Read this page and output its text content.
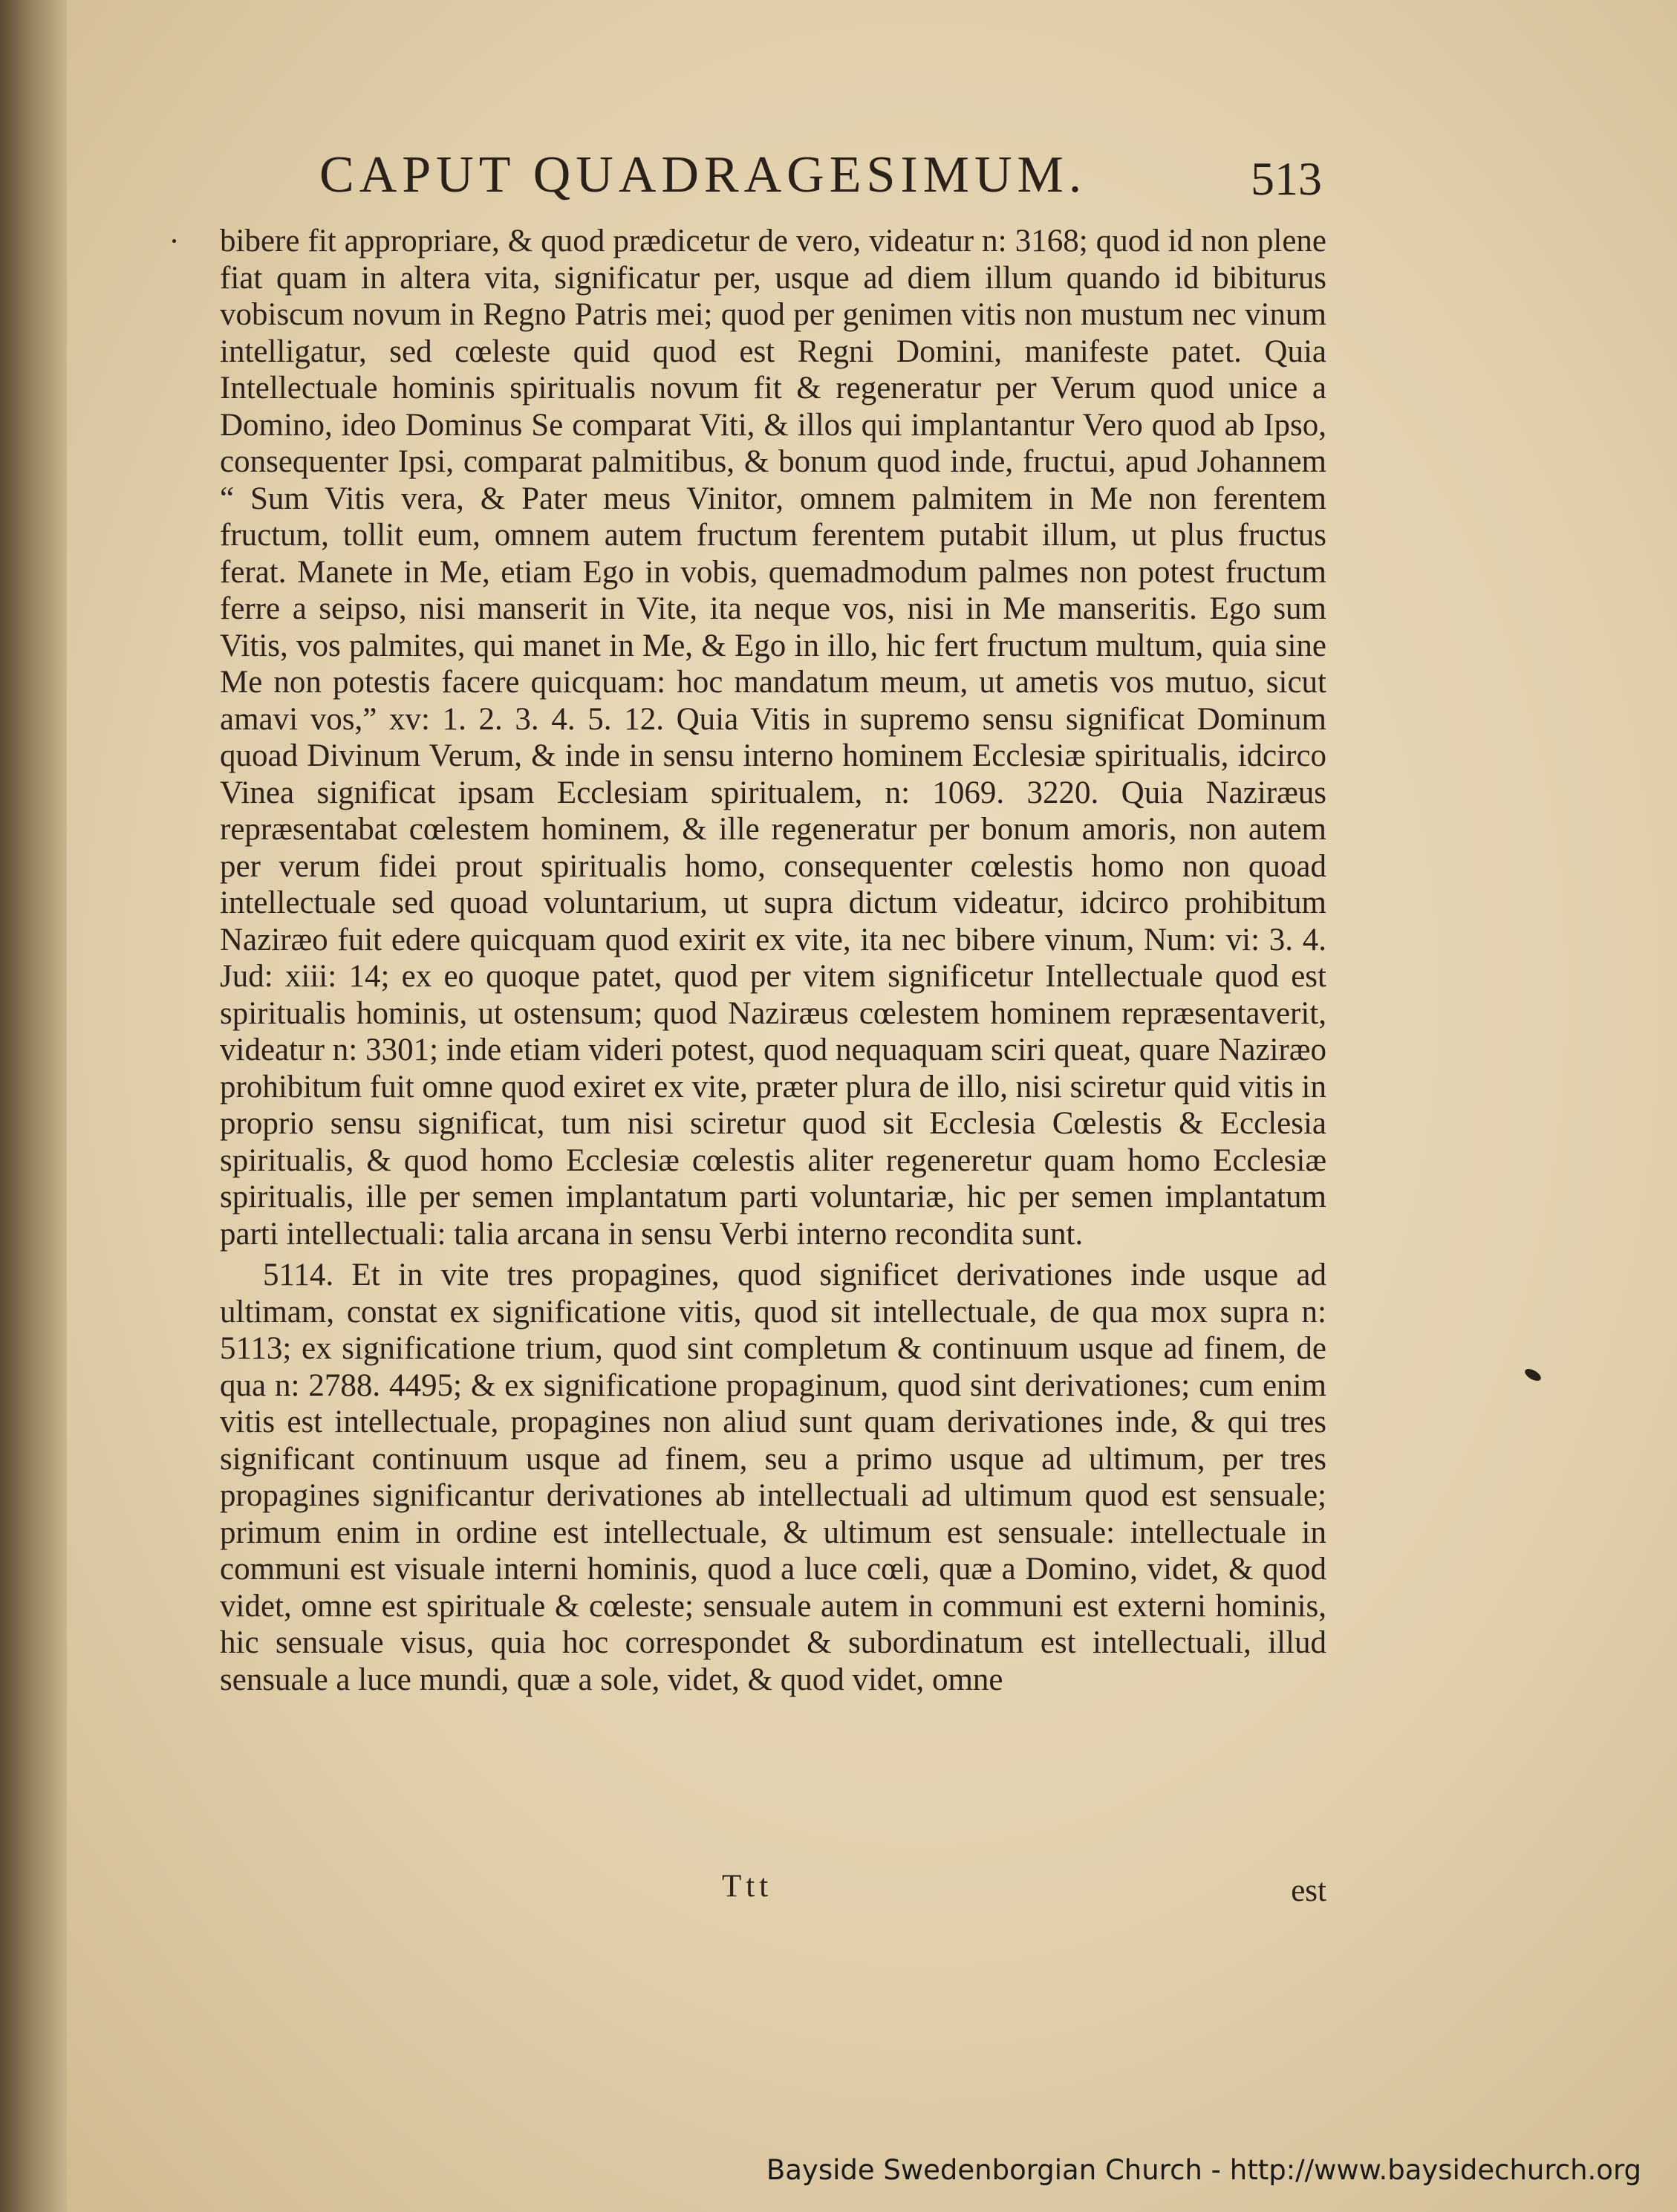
CAPUT QUADRAGESIMUM.	513

bibere fit appropriare, & quod prædicetur de vero, videatur n: 3168; quod id non plene fiat quam in altera vita, significatur per, usque ad diem illum quando id bibiturus vobiscum novum in Regno Patris mei; quod per genimen vitis non mustum nec vinum intelligatur, sed cœleste quid quod est Regni Domini, manifeste patet. Quia Intellectuale hominis spiritualis novum fit & regeneratur per Verum quod unice a Domino, ideo Dominus Se comparat Viti, & illos qui implantantur Vero quod ab Ipso, consequenter Ipsi, comparat palmitibus, & bonum quod inde, fructui, apud Johannem “ Sum Vitis vera, & Pater meus Vinitor, omnem palmitem in Me non ferentem fructum, tollit eum, omnem autem fructum ferentem putabit illum, ut plus fructus ferat. Manete in Me, etiam Ego in vobis, quemadmodum palmes non potest fructum ferre a seipso, nisi manserit in Vite, ita neque vos, nisi in Me manseritis. Ego sum Vitis, vos palmites, qui manet in Me, & Ego in illo, hic fert fructum multum, quia sine Me non potestis facere quicquam: hoc mandatum meum, ut ametis vos mutuo, sicut amavi vos,” xv: 1. 2. 3. 4. 5. 12. Quia Vitis in supremo sensu significat Dominum quoad Divinum Verum, & inde in sensu interno hominem Ecclesiæ spiritualis, idcirco Vinea significat ipsam Ecclesiam spiritualem, n: 1069. 3220. Quia Naziræus repræsentabat cœlestem hominem, & ille regeneratur per bonum amoris, non autem per verum fidei prout spiritualis homo, consequenter cœlestis homo non quoad intellectuale sed quoad voluntarium, ut supra dictum videatur, idcirco prohibitum Naziræo fuit edere quicquam quod exirit ex vite, ita nec bibere vinum, Num: vi: 3. 4. Jud: xiii: 14; ex eo quoque patet, quod per vitem significetur Intellectuale quod est spiritualis hominis, ut ostensum; quod Naziræus cœlestem hominem repræsentaverit, videatur n: 3301; inde etiam videri potest, quod nequaquam sciri queat, quare Naziræo prohibitum fuit omne quod exiret ex vite, præter plura de illo, nisi sciretur quid vitis in proprio sensu significat, tum nisi sciretur quod sit Ecclesia Cœlestis & Ecclesia spiritualis, & quod homo Ecclesiæ cœlestis aliter regeneretur quam homo Ecclesiæ spiritualis, ille per semen implantatum parti voluntariæ, hic per semen implantatum parti intellectuali: talia arcana in sensu Verbi interno recondita sunt.

5114. Et in vite tres propagines, quod significet derivationes inde usque ad ultimam, constat ex significatione vitis, quod sit intellectuale, de qua mox supra n: 5113; ex significatione trium, quod sint completum & continuum usque ad finem, de qua n: 2788. 4495; & ex significatione propaginum, quod sint derivationes; cum enim vitis est intellectuale, propagines non aliud sunt quam derivationes inde, & qui tres significant continuum usque ad finem, seu a primo usque ad ultimum, per tres propagines significantur derivationes ab intellectuali ad ultimum quod est sensuale; primum enim in ordine est intellectuale, & ultimum est sensuale: intellectuale in communi est visuale interni hominis, quod a luce cœli, quæ a Domino, videt, & quod videt, omne est spirituale & cœleste; sensuale autem in communi est externi hominis, hic sensuale visus, quia hoc correspondet & subordinatum est intellectuali, illud sensuale a luce mundi, quæ a sole, videt, & quod videt, omne

Ttt	est
Bayside Swedenborgian Church - http://www.baysidechurch.org
